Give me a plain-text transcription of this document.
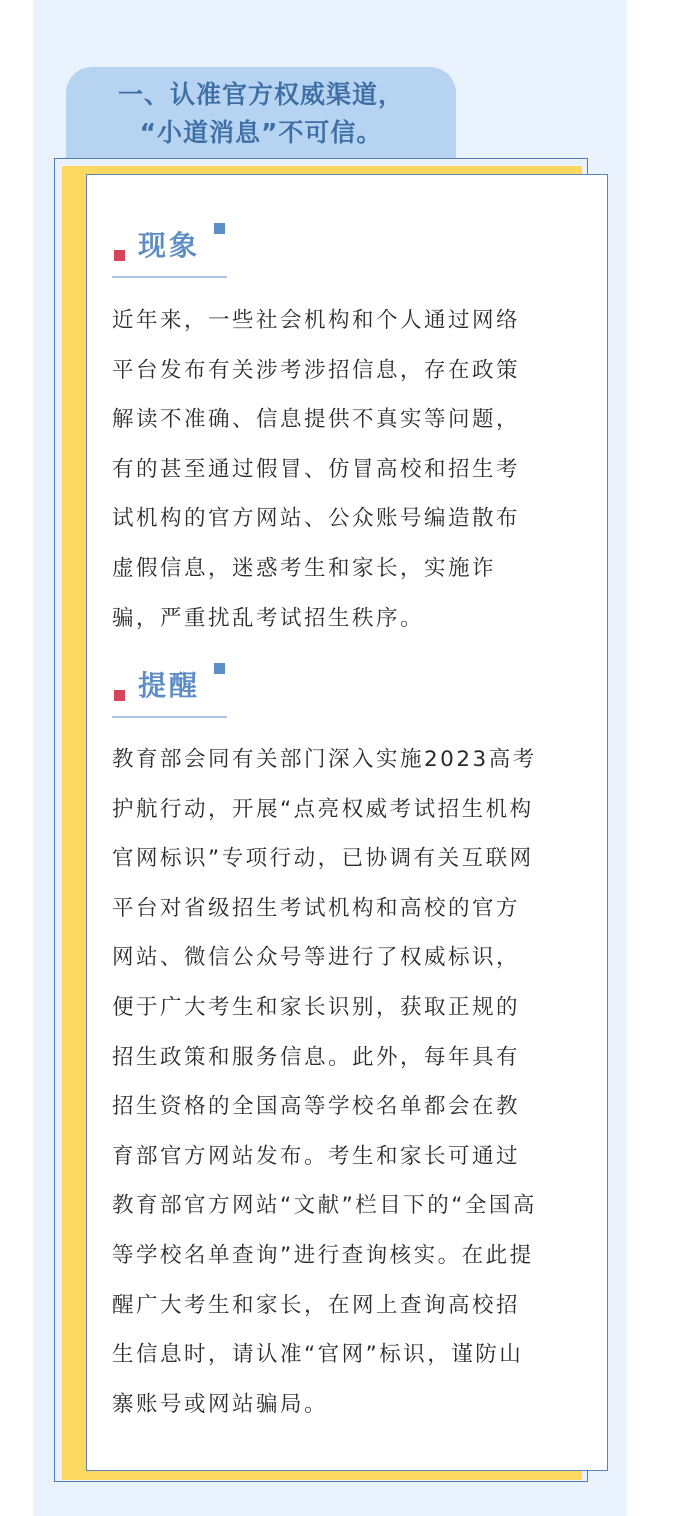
一、认准官方权威渠道，
“小道消息”不可信。
现象
近年来，一些社会机构和个人通过网络
平台发布有关涉考涉招信息，存在政策
解读不准确、信息提供不真实等问题，
有的甚至通过假冒、仿冒高校和招生考
试机构的官方网站、公众账号编造散布
虚假信息，迷惑考生和家长，实施诈
骗，严重扰乱考试招生秩序。
提醒
教育部会同有关部门深入实施2023高考
护航行动，开展“点亮权威考试招生机构
官网标识”专项行动，已协调有关互联网
平台对省级招生考试机构和高校的官方
网站、微信公众号等进行了权威标识，
便于广大考生和家长识别，获取正规的
招生政策和服务信息。此外，每年具有
招生资格的全国高等学校名单都会在教
育部官方网站发布。考生和家长可通过
教育部官方网站“文献”栏目下的“全国高
等学校名单查询”进行查询核实。在此提
醒广大考生和家长，在网上查询高校招
生信息时，请认准“官网”标识，谨防山
寨账号或网站骗局。
